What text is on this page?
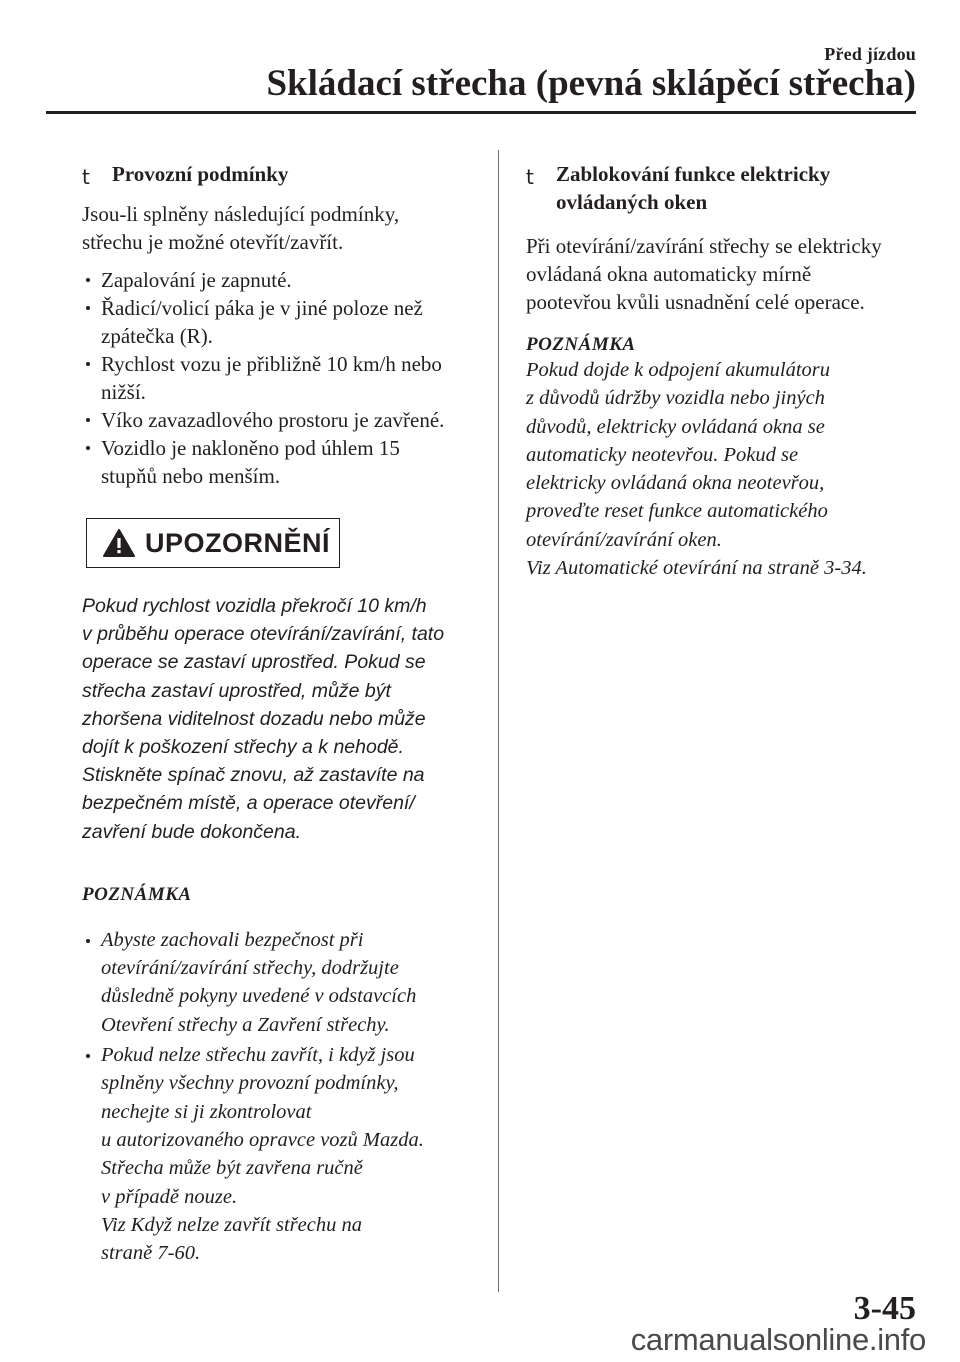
Před jízdou
Skládací střecha (pevná sklápěcí střecha)
t Provozní podmínky
Jsou-li splněny následující podmínky,
střechu je možné otevřít/zavřít.
Zapalování je zapnuté.
Řadicí/volicí páka je v jiné poloze než
zpátečka (R).
Rychlost vozu je přibližně 10 km/h nebo
nižší.
Víko zavazadlového prostoru je zavřené.
Vozidlo je nakloněno pod úhlem 15
stupňů nebo menším.
UPOZORNĚNÍ
Pokud rychlost vozidla překročí 10 km/h
v průběhu operace otevírání/zavírání, tato
operace se zastaví uprostřed. Pokud se
střecha zastaví uprostřed, může být
zhoršena viditelnost dozadu nebo může
dojít k poškození střechy a k nehodě.
Stiskněte spínač znovu, až zastavíte na
bezpečném místě, a operace otevření/
zavření bude dokončena.
POZNÁMKA
Abyste zachovali bezpečnost při
otevírání/zavírání střechy, dodržujte
důsledně pokyny uvedené v odstavcích
Otevření střechy a Zavření střechy.
Pokud nelze střechu zavřít, i když jsou
splněny všechny provozní podmínky,
nechejte si ji zkontrolovat
u autorizovaného opravce vozů Mazda.
Střecha může být zavřena ručně
v případě nouze.
Viz Když nelze zavřít střechu na
straně 7-60.
t Zablokování funkce elektricky
ovládaných oken
Při otevírání/zavírání střechy se elektricky
ovládaná okna automaticky mírně
pootevřou kvůli usnadnění celé operace.
POZNÁMKA
Pokud dojde k odpojení akumulátoru
z důvodů údržby vozidla nebo jiných
důvodů, elektricky ovládaná okna se
automaticky neotevřou. Pokud se
elektricky ovládaná okna neotevřou,
proveďte reset funkce automatického
otevírání/zavírání oken.
Viz Automatické otevírání na straně 3-34.
3-45
carmanualsonline.info
